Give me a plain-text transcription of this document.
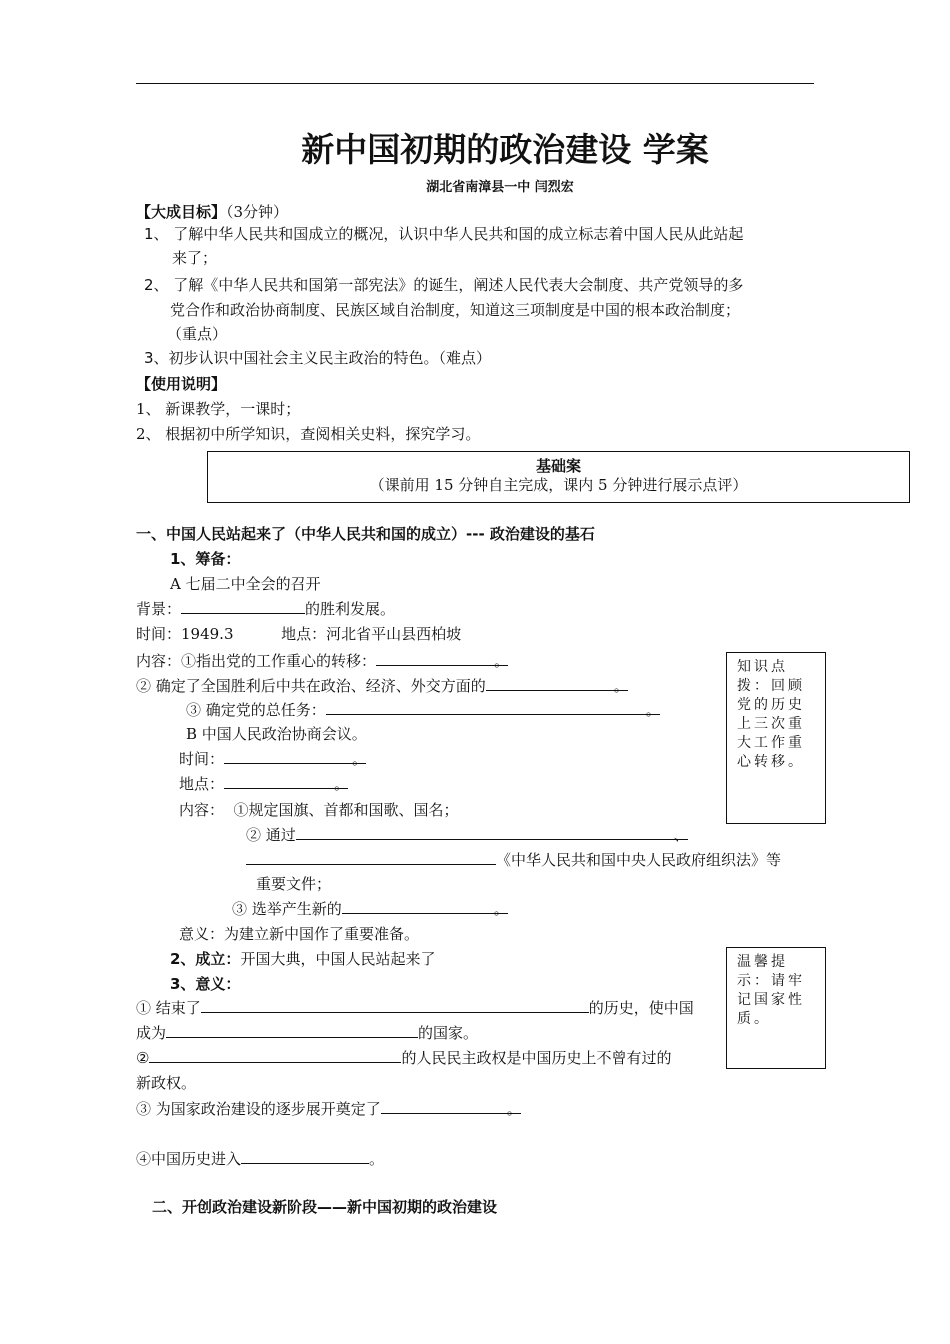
新中国初期的政治建设 学案
湖北省南漳县一中 闫烈宏
【大成目标】（3分钟）
1、 了解中华人民共和国成立的概况，认识中华人民共和国的成立标志着中国人民从此站起
来了；
2、 了解《中华人民共和国第一部宪法》的诞生，阐述人民代表大会制度、共产党领导的多
党合作和政治协商制度、民族区域自治制度，知道这三项制度是中国的根本政治制度；
（重点）
3、初步认识中国社会主义民主政治的特色。（难点）
【使用说明】
1、 新课教学，一课时；
2、 根据初中所学知识，查阅相关史料，探究学习。
基础案
（课前用 15 分钟自主完成，课内 5 分钟进行展示点评）
一、中国人民站起来了（中华人民共和国的成立）--- 政治建设的基石
1、筹备：
A 七届二中全会的召开
背景：	的胜利发展。
时间：1949.3          地点：河北省平山县西柏坡
内容：①指出党的工作重心的转移：	。
② 确定了全国胜利后中共在政治、经济、外交方面的	。
③ 确定党的总任务：	。
B 中国人民政治协商会议。
时间：	。
地点：	。
内容：  ①规定国旗、首都和国歌、国名；
② 通过	、
《中华人民共和国中央人民政府组织法》等
重要文件；
③ 选举产生新的	。
意义：为建立新中国作了重要准备。
2、成立：开国大典，中国人民站起来了
3、意义：
① 结束了	的历史，使中国
成为	的国家。
②	的人民民主政权是中国历史上不曾有过的
新政权。
③ 为国家政治建设的逐步展开奠定了	。
④中国历史进入	。
知识点拨：回顾党的历史上三次重大工作重心转移。
温馨提示：请牢记国家性质。
二、开创政治建设新阶段——新中国初期的政治建设
